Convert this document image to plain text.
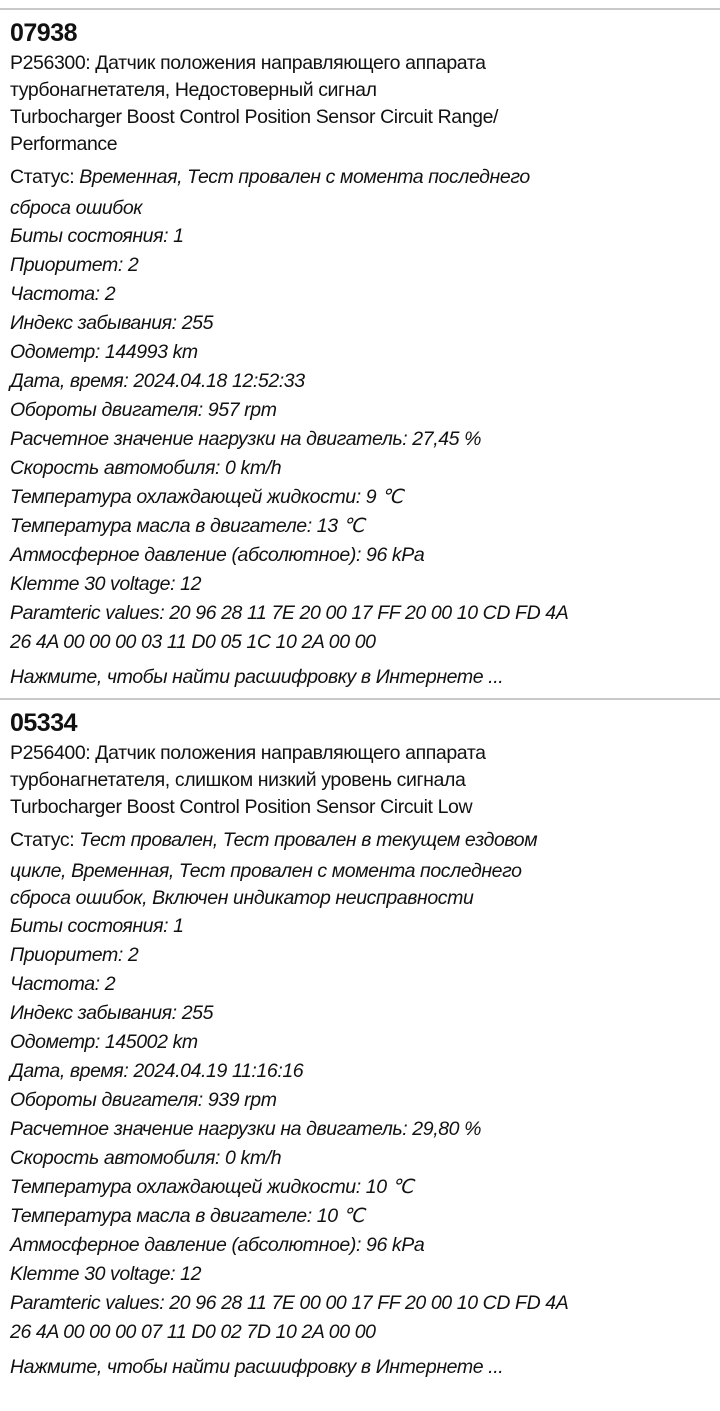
07938
P256300: Датчик положения направляющего аппарата
турбонагнетателя, Недостоверный сигнал
Turbocharger Boost Control Position Sensor Circuit Range/
Performance
Статус: Временная, Тест провален с момента последнего
сброса ошибок
Биты состояния: 1
Приоритет: 2
Частота: 2
Индекс забывания: 255
Одометр: 144993 km
Дата, время: 2024.04.18 12:52:33
Обороты двигателя: 957 rpm
Расчетное значение нагрузки на двигатель: 27,45 %
Скорость автомобиля: 0 km/h
Температура охлаждающей жидкости: 9 ℃
Температура масла в двигателе: 13 ℃
Атмосферное давление (абсолютное): 96 kPa
Klemme 30 voltage: 12
Paramteric values: 20 96 28 11 7E 20 00 17 FF 20 00 10 CD FD 4A
26 4A 00 00 00 03 11 D0 05 1C 10 2A 00 00
Нажмите, чтобы найти расшифровку в Интернете ...
05334
P256400: Датчик положения направляющего аппарата
турбонагнетателя, слишком низкий уровень сигнала
Turbocharger Boost Control Position Sensor Circuit Low
Статус: Тест провален, Тест провален в текущем ездовом
цикле, Временная, Тест провален с момента последнего
сброса ошибок, Включен индикатор неисправности
Биты состояния: 1
Приоритет: 2
Частота: 2
Индекс забывания: 255
Одометр: 145002 km
Дата, время: 2024.04.19 11:16:16
Обороты двигателя: 939 rpm
Расчетное значение нагрузки на двигатель: 29,80 %
Скорость автомобиля: 0 km/h
Температура охлаждающей жидкости: 10 ℃
Температура масла в двигателе: 10 ℃
Атмосферное давление (абсолютное): 96 kPa
Klemme 30 voltage: 12
Paramteric values: 20 96 28 11 7E 00 00 17 FF 20 00 10 CD FD 4A
26 4A 00 00 00 07 11 D0 02 7D 10 2A 00 00
Нажмите, чтобы найти расшифровку в Интернете ...
